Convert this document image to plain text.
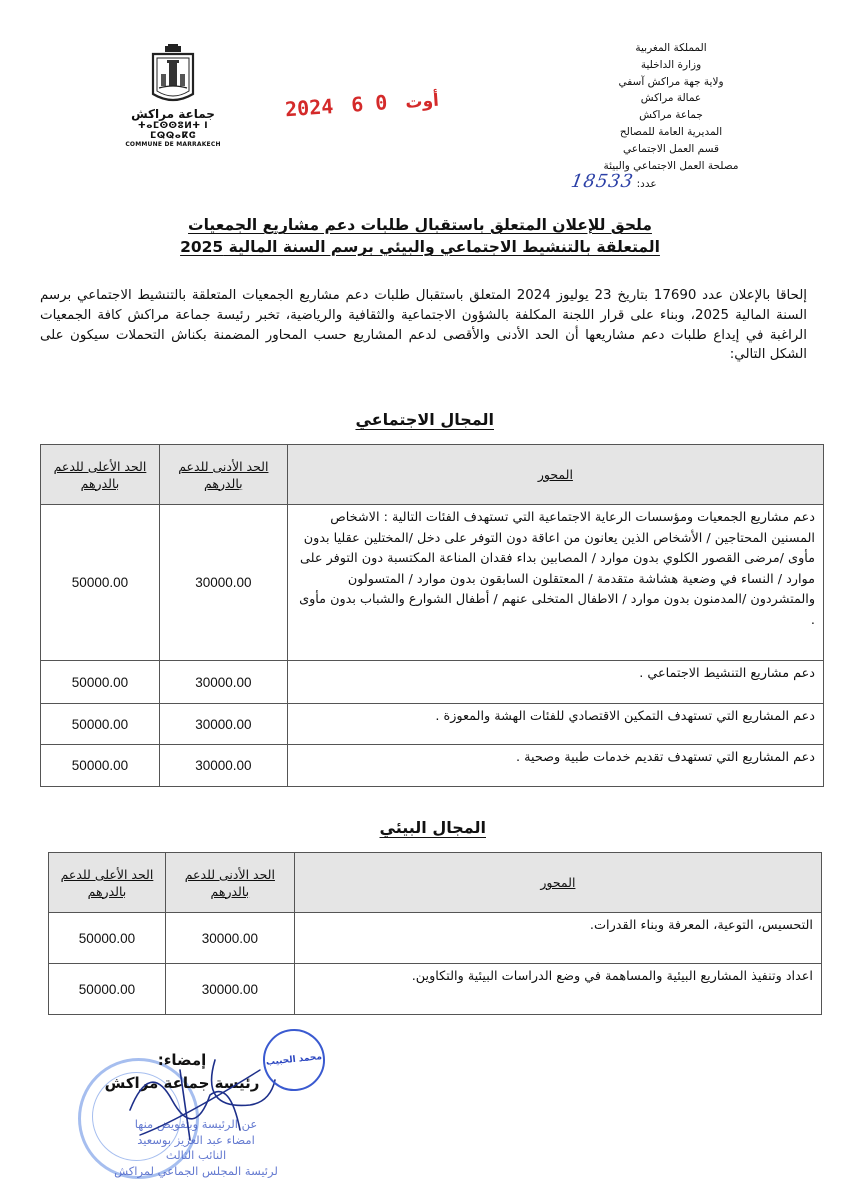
المملكة المغربية
وزارة الداخلية
ولاية جهة مراكش آسفي
عمالة مراكش
جماعة مراكش
المديرية العامة للمصالح
قسم العمل الاجتماعي
مصلحة العمل الاجتماعي والبيئة
عدد: 18533
جماعة مراكش
ⵜⴰⵎⵙⵙⵓⵍⵜ ⵏ ⵎⵕⵕⴰⴽⵛ
COMMUNE DE MARRAKECH
2024	أوت 0 6
ملحق للإعلان المتعلق باستقبال طلبات دعم مشاريع الجمعيات
المتعلقة بالتنشيط الاجتماعي والبيئي برسم السنة المالية 2025
إلحاقا بالإعلان عدد 17690 بتاريخ 23 يوليوز 2024 المتعلق باستقبال طلبات دعم مشاريع الجمعيات المتعلقة بالتنشيط الاجتماعي برسم السنة المالية 2025، وبناء على قرار اللجنة المكلفة بالشؤون الاجتماعية والثقافية والرياضية، تخبر رئيسة جماعة مراكش كافة الجمعيات الراغبة في إيداع طلبات دعم مشاريعها أن الحد الأدنى والأقصى لدعم المشاريع حسب المحاور المضمنة بكناش التحملات سيكون على الشكل التالي:
المجال الاجتماعي
المحور	الحد الأدنى للدعم بالدرهم	الحد الأعلى للدعم بالدرهم
دعم مشاريع الجمعيات ومؤسسات الرعاية الاجتماعية التي تستهدف الفئات التالية : الاشخاص المسنين المحتاجين / الأشخاص الذين يعانون من اعاقة دون التوفر على دخل /المختلين عقليا بدون مأوى /مرضى القصور الكلوي بدون موارد / المصابين بداء فقدان المناعة المكتسبة دون التوفر على موارد / النساء في وضعية هشاشة متقدمة / المعتقلون السابقون بدون موارد / المتسولون والمتشردون /المدمنون بدون موارد / الاطفال المتخلى عنهم / أطفال الشوارع والشباب بدون مأوى .	30000.00	50000.00
دعم مشاريع التنشيط الاجتماعي .	30000.00	50000.00
دعم المشاريع التي تستهدف التمكين الاقتصادي للفئات الهشة والمعوزة .	30000.00	50000.00
دعم المشاريع التي تستهدف تقديم خدمات طبية وصحية .	30000.00	50000.00
المجال البيئي
المحور	الحد الأدنى للدعم بالدرهم	الحد الأعلى للدعم بالدرهم
التحسيس، التوعية، المعرفة وبناء القدرات.	30000.00	50000.00
اعداد وتنفيذ المشاريع البيئية والمساهمة في وضع الدراسات البيئية والتكاوين.	30000.00	50000.00
إمضاء:
رئيسة جماعة مراكش
عن الرئيسة وبتفويض منها
امضاء عبد العزيز بوسعيد
النائب الثالث
لرئيسة المجلس الجماعي لمراكش
محمد الحبيب
